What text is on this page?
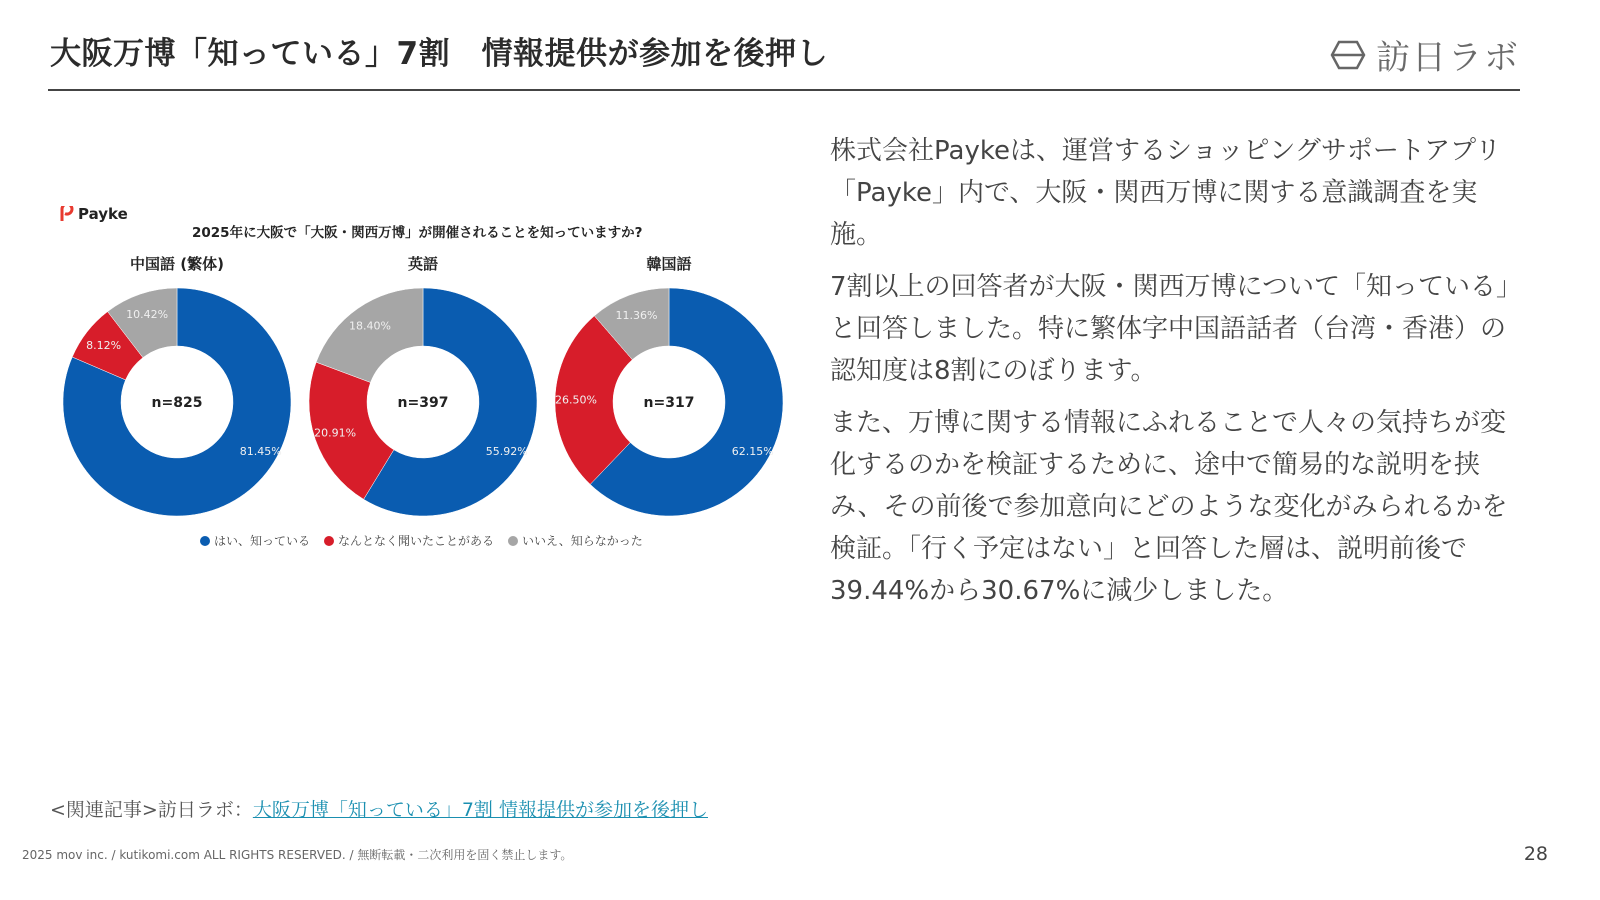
大阪万博「知っている」7割　情報提供が参加を後押し	訪日ラボ
Payke
2025年に大阪で「大阪・関西万博」が開催されることを知っていますか?
中国語 (繁体)
81.45%
8.12%
10.42%
n=825
英語
55.92%
20.91%
18.40%
n=397
韓国語
62.15%
26.50%
11.36%
n=317
はい、知っている なんとなく聞いたことがある いいえ、知らなかった

株式会社Paykeは、運営するショッピングサポートアプリ「Payke」内で、大阪・関西万博に関する意識調査を実施。

7割以上の回答者が大阪・関西万博について「知っている」と回答しました。特に繁体字中国語話者（台湾・香港）の認知度は8割にのぼります。

また、万博に関する情報にふれることで人々の気持ちが変化するのかを検証するために、途中で簡易的な説明を挟み、その前後で参加意向にどのような変化がみられるかを検証。「行く予定はない」と回答した層は、説明前後で39.44%から30.67%に減少しました。

<関連記事>訪日ラボ：大阪万博「知っている」7割 情報提供が参加を後押し
2025 mov inc. / kutikomi.com ALL RIGHTS RESERVED. / 無断転載・二次利用を固く禁止します。	28
